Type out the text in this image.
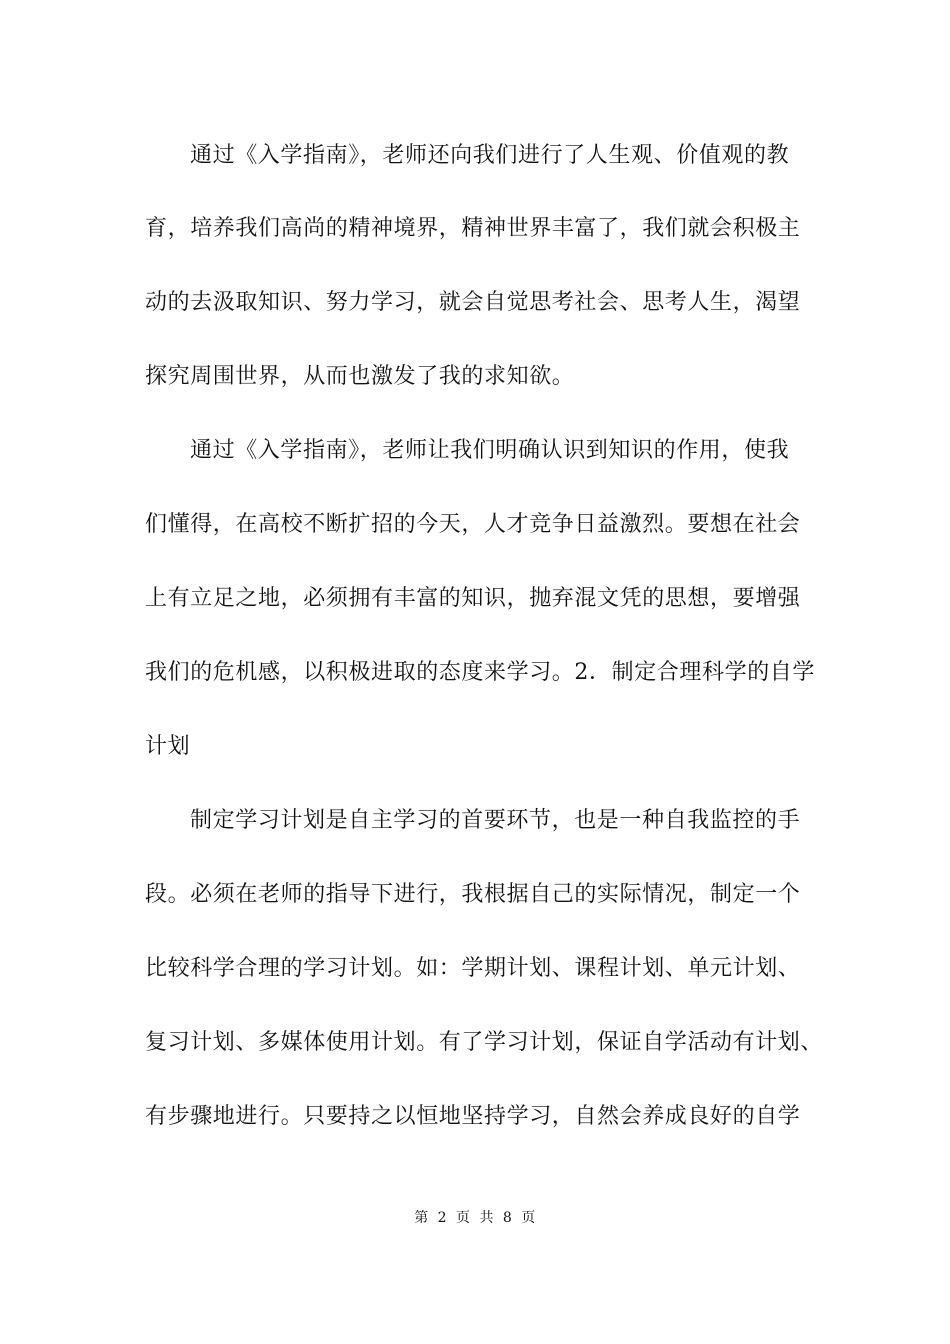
通过《入学指南》，老师还向我们进行了人生观、价值观的教
育，培养我们高尚的精神境界，精神世界丰富了，我们就会积极主
动的去汲取知识、努力学习，就会自觉思考社会、思考人生，渴望
探究周围世界，从而也激发了我的求知欲。
通过《入学指南》，老师让我们明确认识到知识的作用，使我
们懂得，在高校不断扩招的今天，人才竞争日益激烈。要想在社会
上有立足之地，必须拥有丰富的知识，抛弃混文凭的思想，要增强
我们的危机感，以积极进取的态度来学习。2．制定合理科学的自学
计划
制定学习计划是自主学习的首要环节，也是一种自我监控的手
段。必须在老师的指导下进行，我根据自己的实际情况，制定一个
比较科学合理的学习计划。如：学期计划、课程计划、单元计划、
复习计划、多媒体使用计划。有了学习计划，保证自学活动有计划、
有步骤地进行。只要持之以恒地坚持学习，自然会养成良好的自学
第 2 页 共 8 页
